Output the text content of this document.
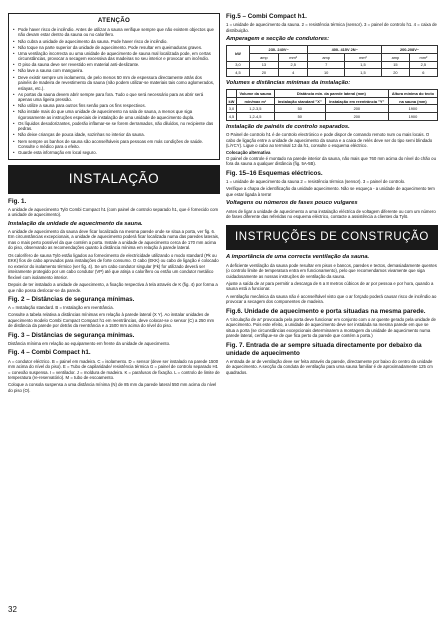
ATENÇÃO
• Pode haver risco de incêndio. Antes de utilizar a sauna verifique sempre que não existem objectos que não devam estar dentro da sauna ou no calorifero.
• Não cubra a unidade de aquecimento da sauna. Pode haver risco de incêndio.
• Não toque na parte superior da unidade de aquecimento. Pode resultar em queimaduras graves.
• Uma ventilação incorrecta ou uma unidade de aquecimento de sauna mal localizada pode, em certas circunstâncias, provocar a secagem excessiva das madeiras no seu interior e provocar um incêndio.
• O piso da sauna deve ser revestido em material anti-deslizante.
• Não lave a sauna com mangueira.
• Deve existir sempre um isolamento, de pelo menos 50 mm de espessura directamente atrás dos painéis de madeira de revestimento da sauna (não podem utilizar-se materiais tais como aglomerados, eslayas, etc.).
• As portas da sauna devem abrir sempre para fora. Tudo o que será necessário para as abrir será apenas uma ligeira pressão.
• Não utilize a sauna para outros fins senão para os fins respectivos.
• Não instale mais do que uma unidade de aquecimento na sala de sauna, a menos que siga rigorosamente as instruções especiais de instalação de uma unidade de aquecimento dupla.
• Os líquidos desodorizantes, poderão inflamar-se se forem derramados, não diluídos, no recipiente das pedras.
• Não deixe crianças de pouca idade, sozinhas no interior da sauna.
• Nem sempre os banhos de sauna são aconselháveis para pessoas em más condições de saúde. Consulte o médico para o efeito.
• Guarde esta informação em local seguro.
INSTALAÇÃO
Fig. 1.
A unidade de aquecimento Tylö Combi Compact h1 (com painel de controlo separado h1, que é fornecido com a unidade de aquecimento).
Instalação da unidade de aquecimento da sauna.
A unidade de aquecimento da sauna deve ficar localizada na mesma parede onde se situa a porta, ver fig. 6. Em circunstâncias excepcionais, a unidade de aquecimento poderá ficar localizada numa das paredes laterais, mas o mais perto possível da que contém a porta. Instale a unidade de aquecimento cerca de 170 mm acima do piso, observando as recomendações quanto à distância mínima em relação à parede lateral.
Os calorífero de sauna Tylö estão ligados ao fornecimento de electricidade utilizando o modo standard (Pk ou EKK) fios de cabo aprovados para instalações de forte consumo. O cabo (EKK) ou cabo de ligação é colocado no exterior do isolamento térmico (ver fig. 4). Se um cabo condutor singular (Fk) for utilizado deverá ser inteiramente protegido por um cabo condutor (VP) até que atinja o calorífero ou então um condutor metálico flexível com isolamento interior.
Depois de ter instalado a unidade de aquecimento, a fixação respectiva à tela através de K (fig. 4) por forma a que não possa deslocar-se da parede.
Fig. 2 – Distâncias de segurança mínimas.
A = Instalação standard. B = Instalação em reentrância.
Consulte a tabela relativa a distâncias mínimas em relação à parede lateral (X Y). Ao instalar unidades de aquecimento modelo Combi Compact Compact h1 em reentrâncias, deve colocar-se o sensor (C) a 250 mm de distância da parede por detrás da reentrância e a 1500 mm acima do nível do piso.
Fig. 3 – Distâncias de segurança mínimas.
Distância mínima em relação ao equipamento em frente da unidade de aquecimento.
Fig. 4 – Combi Compact h1.
A = condutor eléctrico. B = painel em madeira. C = isolamento. D = sensor (deve ser instalado na parede 1500 mm acima do nível do piso). E = Tubo de capilaridade/ resistência térmica G = painel de controlo separado H1 = conexão suspensa. I = ventilador. J = moldura de madeira. K = parafusos de fixação. L = controlo de limite de temperatura (re-reservatório). M = tubo de escoamento.
Coloque a consola suspensa a uma distância mínima (N) de 85 mm da parede lateral 550 mm acima do nível do piso (O).
Fig.5 – Combi Compact h1.
1 = unidade de aquecimento da sauna. 2 = resistência térmica (sensor). 3 = painel de controlo h1. 4 = caixa de distribuição.
Amperagem e secção de condutores:
kW	230- 240V~		400- 415V 2N~		200-208V~	
	amp	mm²	amp	mm²	amp	mm²
3,0	13	2,5	7	1,5	15	2,5
4,5	20	4	10	1,5	20	6
Volumes e distâncias mínimas da instalação:
	Volume da sauna	Distância min. da parede lateral (mm)		Altura mínima do tecto
kW	min/max m³	Instalação standard "X"	Instalação em reentrância "Y"	na sauna (mm)
3,0	1,2-3,5	50	200	1900
4,5	1,2-4,5	50	200	1900
Instalação de painéis de controlo separados.
O Painel de controlo h1 é de controlo electrónico e pode dispor de comando remoto num ou mais locais. O cabo de ligação entre a unidade de aquecimento da sauna e a caixa de relés deve ser do tipo semi blindado (LiYCY). Ligue o cabo ao terminal 12 da h1, consulte o esquema eléctrico.
Colocação alternativa
O painel de controle é montado na parede interior da sauna, não mais que 760 mm acima do nível do chão ou fora da sauna a qualquer distância (fig. 5A-5B).
Fig. 15–16 Esquemas eléctricos.
1 = unidade de aquecimento da sauna 2 = resistência térmica (sensor). 3 = painel de controlo.
Verifique a chapa de identificação da unidade aquecimento. Não se esqueça - a unidade de aquecimento tem que estar ligada à terra!
Voltagens ou números de fases pouco vulgares
Antes de ligar a unidade de aquecimento a uma instalação eléctrica de voltagem diferente ou com um número de fases diferente das referidas no esquema eléctrico, contacte a assistência a clientes da Tylö.
INSTRUÇÕES DE CONSTRUÇÃO
A importância de uma correcta ventilação da sauna.
A deficiente ventilação da sauna pode resultar em pisos e bancos, paredes e tectos, demasiadamente quentes (o controlo limite de temperatura entra em funcionamento), pelo que recomendamos vivamente que siga cuidadosamente as nossas instruções de ventilação da sauna.
Ajuste a saída de ar para permitir a descarga de 6 a 8 metros cúbicos de ar por pessoa e por hora, quando a sauna está a funcionar.
A ventilação mecânica da sauna não é aconselhável visto que o ar forçado poderá causar risco de incêndio ao provocar a secagem dos componentes de madeira.
Fig.6. Unidade de aquecimento e porta situadas na mesma parede.
A 'circulação de ar' provocada pela porta deve funcionar em conjunto com o ar quente gerado pela unidade de aquecimento. Pois este efeito, a unidade de aquecimento deve ser instalada na mesma parede em que se situa a porta (se circunstâncias excepcionais determinarem a montagem da unidade de aquecimento numa parede lateral, certifique-se de que fica perto da parede que contém a porta.)
Fig. 7. Entrada de ar sempre situada directamente por debaixo da unidade de aquecimento
A entrada de ar de ventilação deve ser feita através da parede, directamente por baixo do centro da unidade de aquecimento. A secção da conduta de ventilação para uma sauna familiar é de aproximadamente 125 cm quadrados.
32
